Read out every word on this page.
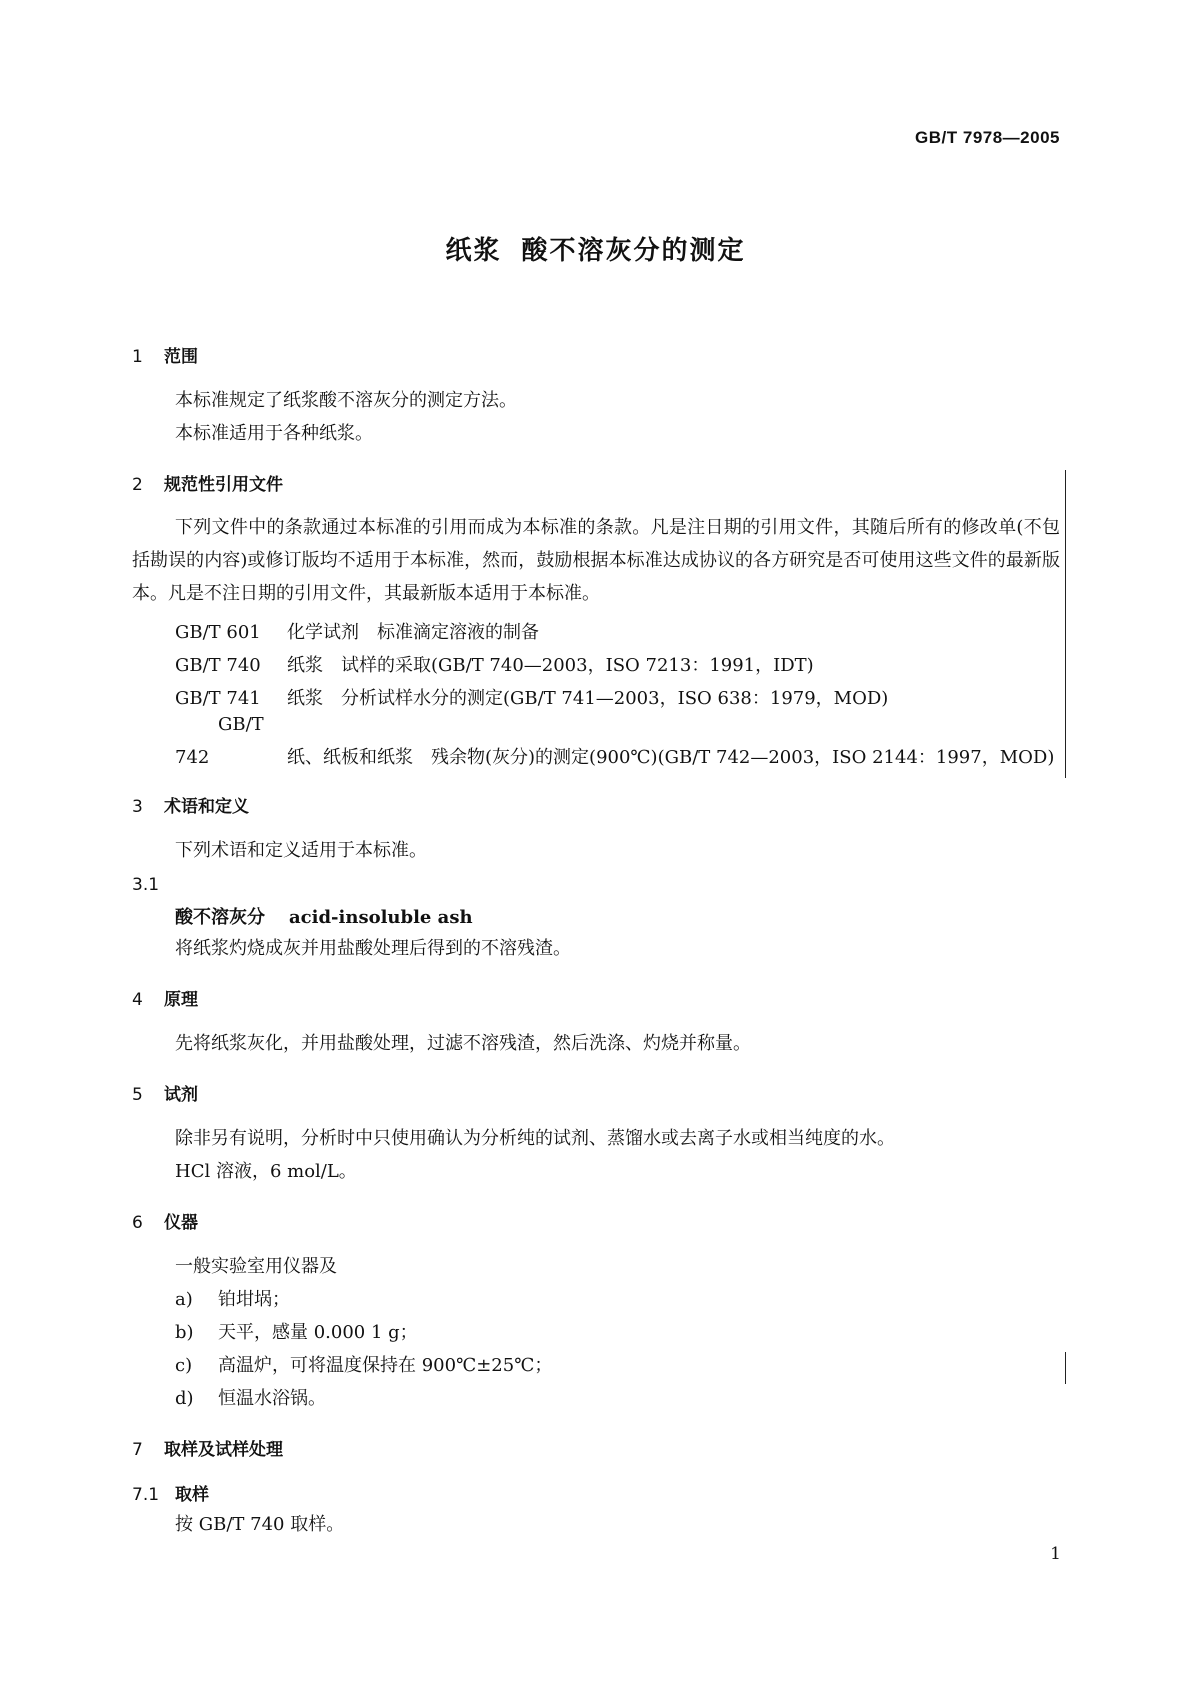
GB/T 7978—2005
纸浆 酸不溶灰分的测定
1 范围
本标准规定了纸浆酸不溶灰分的测定方法。
本标准适用于各种纸浆。
2 规范性引用文件
下列文件中的条款通过本标准的引用而成为本标准的条款。凡是注日期的引用文件，其随后所有的修改单(不包括勘误的内容)或修订版均不适用于本标准，然而，鼓励根据本标准达成协议的各方研究是否可使用这些文件的最新版本。凡是不注日期的引用文件，其最新版本适用于本标准。
GB/T 601 化学试剂　标准滴定溶液的制备
GB/T 740 纸浆　试样的采取(GB/T 740—2003，ISO 7213：1991，IDT)
GB/T 741 纸浆　分析试样水分的测定(GB/T 741—2003，ISO 638：1979，MOD)
GB/T 742	纸、纸板和纸浆　残余物(灰分)的测定(900℃)(GB/T 742—2003，ISO 2144：1997，MOD)
3 术语和定义
下列术语和定义适用于本标准。
3.1
酸不溶灰分 acid-insoluble ash
将纸浆灼烧成灰并用盐酸处理后得到的不溶残渣。
4 原理
先将纸浆灰化，并用盐酸处理，过滤不溶残渣，然后洗涤、灼烧并称量。
5 试剂
除非另有说明，分析时中只使用确认为分析纯的试剂、蒸馏水或去离子水或相当纯度的水。
HCl 溶液，6 mol/L。
6 仪器
一般实验室用仪器及
a) 铂坩埚；
b) 天平，感量 0.000 1 g；
c) 高温炉，可将温度保持在 900℃±25℃；
d) 恒温水浴锅。
7 取样及试样处理
7.1 取样
按 GB/T 740 取样。
1
